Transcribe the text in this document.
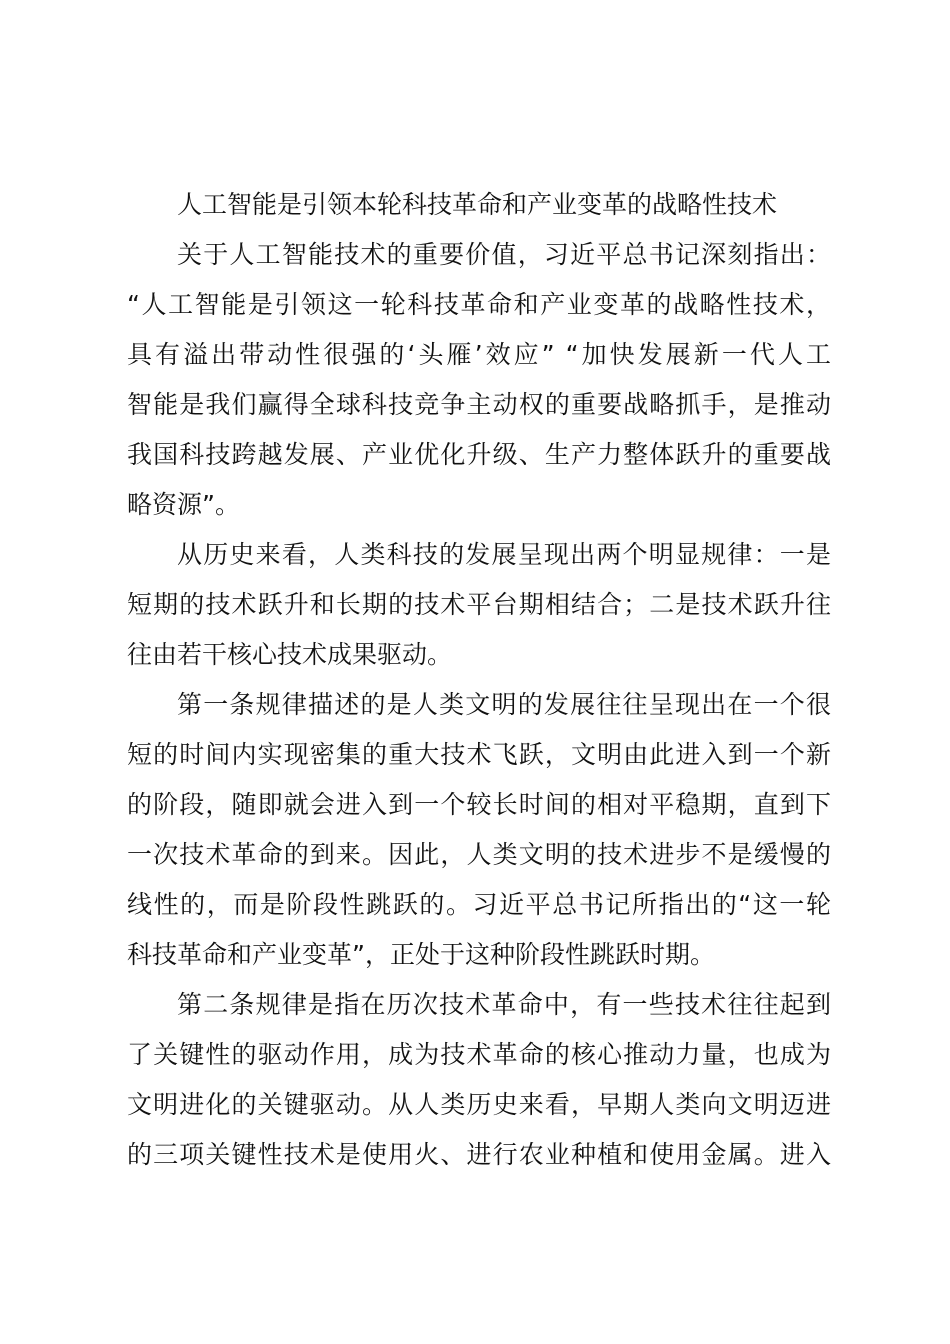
人工智能是引领本轮科技革命和产业变革的战略性技术

关于人工智能技术的重要价值，习近平总书记深刻指出：
“人工智能是引领这一轮科技革命和产业变革的战略性技术，
具有溢出带动性很强的‘头雁’效应” “加快发展新一代人工
智能是我们赢得全球科技竞争主动权的重要战略抓手，是推动
我国科技跨越发展、产业优化升级、生产力整体跃升的重要战
略资源”。

从历史来看，人类科技的发展呈现出两个明显规律：一是
短期的技术跃升和长期的技术平台期相结合；二是技术跃升往
往由若干核心技术成果驱动。

第一条规律描述的是人类文明的发展往往呈现出在一个很
短的时间内实现密集的重大技术飞跃，文明由此进入到一个新
的阶段，随即就会进入到一个较长时间的相对平稳期，直到下
一次技术革命的到来。因此，人类文明的技术进步不是缓慢的
线性的，而是阶段性跳跃的。习近平总书记所指出的“这一轮
科技革命和产业变革”，正处于这种阶段性跳跃时期。

第二条规律是指在历次技术革命中，有一些技术往往起到
了关键性的驱动作用，成为技术革命的核心推动力量，也成为
文明进化的关键驱动。从人类历史来看，早期人类向文明迈进
的三项关键性技术是使用火、进行农业种植和使用金属。进入
